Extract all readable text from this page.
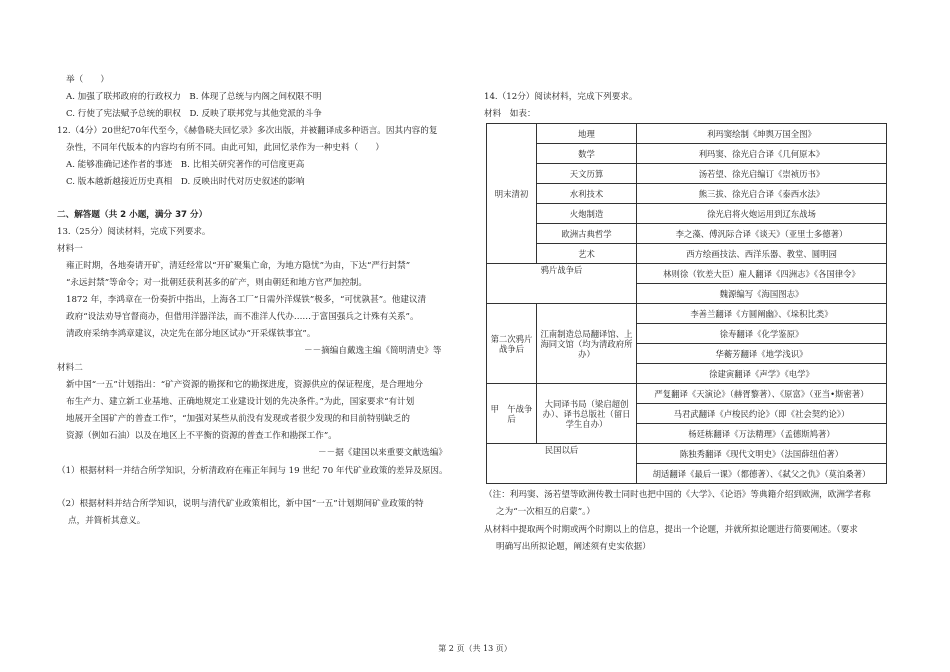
举（　　）
A. 加强了联邦政府的行政权力　B. 体现了总统与内阁之间权限不明
C. 行使了宪法赋予总统的职权　D. 反映了联邦党与其他党派的斗争
12.（4分）20世纪70年代至今，《赫鲁晓夫回忆录》多次出版，并被翻译成多种语言。因其内容的复
杂性，不同年代版本的内容均有所不同。由此可知，此回忆录作为一种史料（　　）
A. 能够准确记述作者的事迹　B. 比相关研究著作的可信度更高
C. 版本越新越接近历史真相　D. 反映出时代对历史叙述的影响
二、解答题（共 2 小题，满分 37 分）
13.（25分）阅读材料，完成下列要求。
材料一
雍正时期，各地奏请开矿，清廷经常以“开矿聚集亡命，为地方隐忧”为由，下达“严行封禁”
“永远封禁”等命令；对一批朝廷获利甚多的矿产，则由朝廷和地方官严加控制。
1872 年，李鸿章在一份奏折中指出，上海各工厂“日需外洋煤铁”极多，“可忧孰甚”。他建议清
政府“设法劝导官督商办，但借用洋器洋法，而不准洋人代办……于富国强兵之计殊有关系”。
清政府采纳李鸿章建议，决定先在部分地区试办“开采煤铁事宜”。
－－摘编自戴逸主编《简明清史》等
材料二
新中国“一五”计划指出：“矿产资源的勘探和它的勘探进度，资源供应的保证程度，是合理地分
布生产力、建立新工业基地、正确地规定工业建设计划的先决条件。”为此，国家要求“有计划
地展开全国矿产的普查工作”，“加强对某些从前没有发现或者很少发现的和目前特别缺乏的
资源（例如石油）以及在地区上不平衡的资源的普查工作和勘探工作”。
－－据《建国以来重要文献选编》
（1）根据材料一并结合所学知识，分析清政府在雍正年间与 19 世纪 70 年代矿业政策的差异及原因。
（2）根据材料并结合所学知识，说明与清代矿业政策相比，新中国“一五”计划期间矿业政策的特
点，并简析其意义。
14.（12分）阅读材料，完成下列要求。
材料　如表：
明末清初	地理	利玛窦绘制《坤舆万国全图》
	数学	利玛窦、徐光启合译《几何原本》
	天文历算	汤若望、徐光启编订《崇祯历书》
	水利技术	熊三拔、徐光启合译《泰西水法》
	火炮制造	徐光启将火炮运用到辽东战场
	欧洲古典哲学	李之藻、傅汎际合译《谈天》（亚里士多德著）
	艺术	西方绘画技法、西洋乐器、教堂、圆明园
鸦片战争后		林则徐（钦差大臣）雇人翻译《四洲志》《各国律令》
		魏源编写《海国图志》
第二次鸦片战争后	江南制造总局翻译馆、上海同文馆（均为清政府所办）	李善兰翻译《方圆阐幽》、《垛积比类》
		徐寿翻译《化学鉴原》
		华蘅芳翻译《地学浅识》
		徐建寅翻译《声学》《电学》
甲　午战争后	大同译书局（梁启超创办）、译书总版社（留日学生自办）	严复翻译《天演论》（赫胥黎著）、《原富》（亚当•斯密著）
		马君武翻译《卢梭民约论》（即《社会契约论》）
		杨廷栋翻译《万法精理》（孟德斯鸠著）
民国以后		陈独秀翻译《现代文明史》（法国薛纽伯著）
		胡适翻译《最后一课》（都德著）、《弑父之仇》（莫泊桑著）
（注：利玛窦、汤若望等欧洲传教士同时也把中国的《大学》、《论语》等典籍介绍到欧洲，欧洲学者称
之为“一次相互的启蒙”。）
从材料中提取两个时期或两个时期以上的信息，提出一个论题，并就所拟论题进行简要阐述。（要求
明确写出所拟论题，阐述须有史实依据）
第 2 页（共 13 页）
